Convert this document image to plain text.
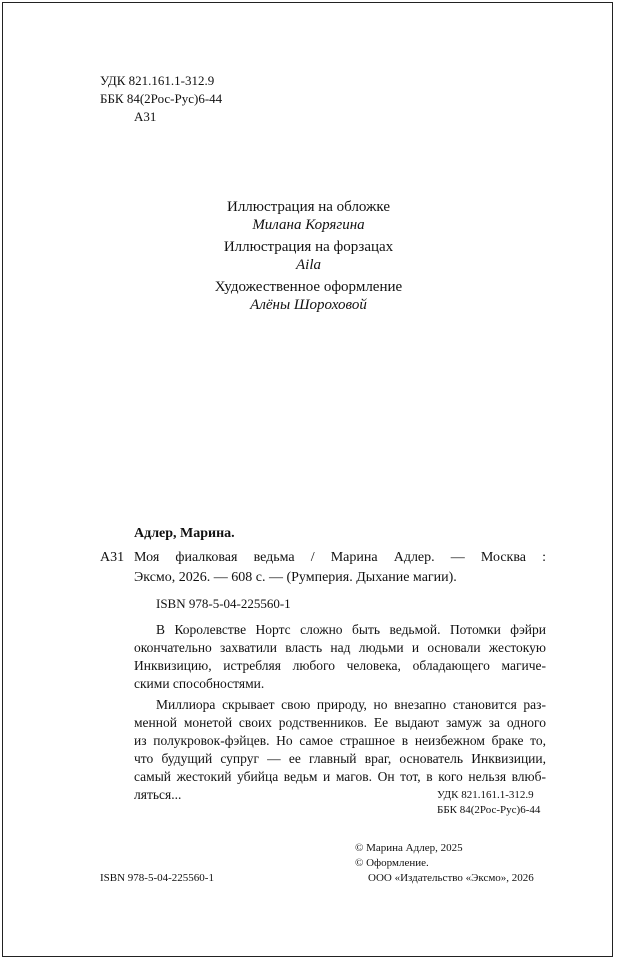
УДК 821.161.1-312.9
ББК 84(2Рос-Рус)6-44
А31
Иллюстрация на обложке
Милана Корягина
Иллюстрация на форзацах
Aila
Художественное оформление
Алёны Шороховой
Адлер, Марина.
А31 Моя фиалковая ведьма / Марина Адлер. — Москва :
Эксмо, 2026. — 608 с. — (Румперия. Дыхание магии).
ISBN 978-5-04-225560-1
В Королевстве Нортс сложно быть ведьмой. Потомки фэйри
окончательно захватили власть над людьми и основали жестокую
Инквизицию, истребляя любого человека, обладающего магиче-
скими способностями.
Миллиора скрывает свою природу, но внезапно становится раз-
менной монетой своих родственников. Ее выдают замуж за одного
из полукровок-фэйцев. Но самое страшное в неизбежном браке то,
что будущий супруг — ее главный враг, основатель Инквизиции,
самый жестокий убийца ведьм и магов. Он тот, в кого нельзя влюб-
ляться...	УДК 821.161.1-312.9
ББК 84(2Рос-Рус)6-44
© Марина Адлер, 2025
© Оформление.
ООО «Издательство «Эксмо», 2026
ISBN 978-5-04-225560-1
